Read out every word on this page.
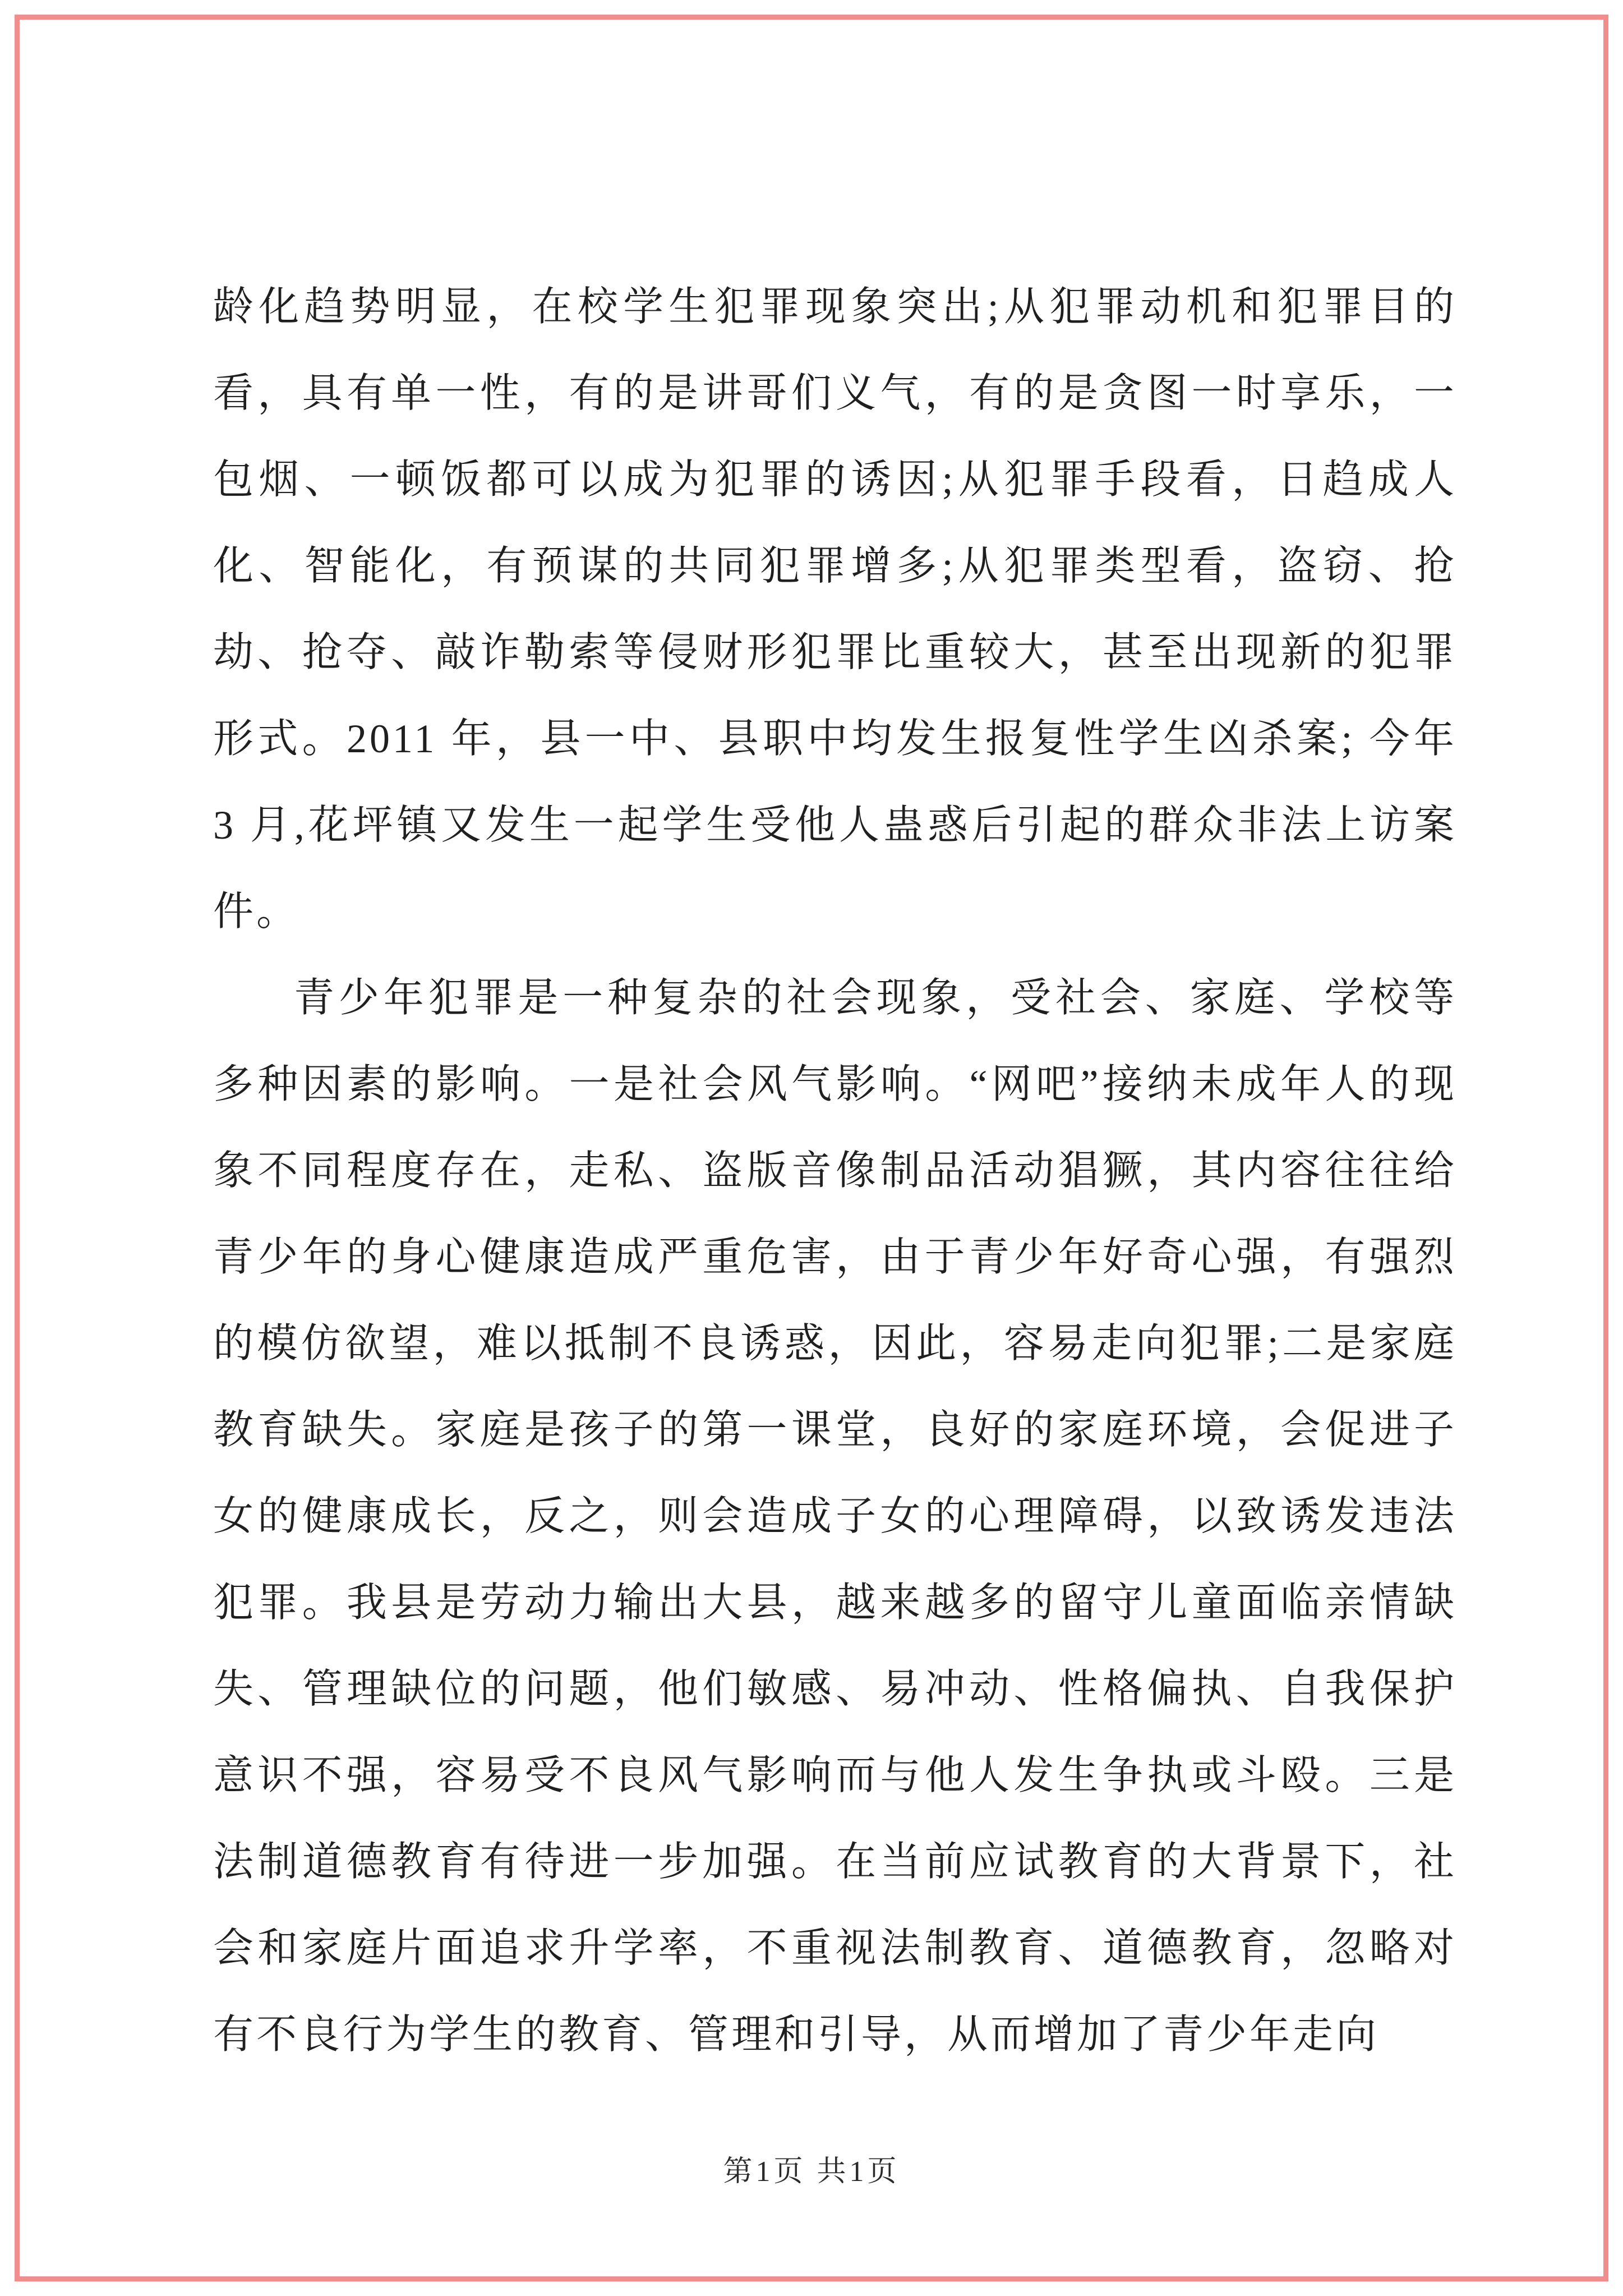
龄化趋势明显，在校学生犯罪现象突出;从犯罪动机和犯罪目的看，具有单一性，有的是讲哥们义气，有的是贪图一时享乐，一包烟、一顿饭都可以成为犯罪的诱因;从犯罪手段看，日趋成人化、智能化，有预谋的共同犯罪增多;从犯罪类型看，盗窃、抢劫、抢夺、敲诈勒索等侵财形犯罪比重较大，甚至出现新的犯罪形式。2011 年，县一中、县职中均发生报复性学生凶杀案; 今年 3 月,花坪镇又发生一起学生受他人蛊惑后引起的群众非法上访案件。

青少年犯罪是一种复杂的社会现象，受社会、家庭、学校等多种因素的影响。一是社会风气影响。“网吧”接纳未成年人的现象不同程度存在，走私、盗版音像制品活动猖獗，其内容往往给青少年的身心健康造成严重危害，由于青少年好奇心强，有强烈的模仿欲望，难以抵制不良诱惑，因此，容易走向犯罪;二是家庭教育缺失。家庭是孩子的第一课堂，良好的家庭环境，会促进子女的健康成长，反之，则会造成子女的心理障碍，以致诱发违法犯罪。我县是劳动力输出大县，越来越多的留守儿童面临亲情缺失、管理缺位的问题，他们敏感、易冲动、性格偏执、自我保护意识不强，容易受不良风气影响而与他人发生争执或斗殴。三是法制道德教育有待进一步加强。在当前应试教育的大背景下，社会和家庭片面追求升学率，不重视法制教育、道德教育，忽略对有不良行为学生的教育、管理和引导，从而增加了青少年走向

第1页 共1页
